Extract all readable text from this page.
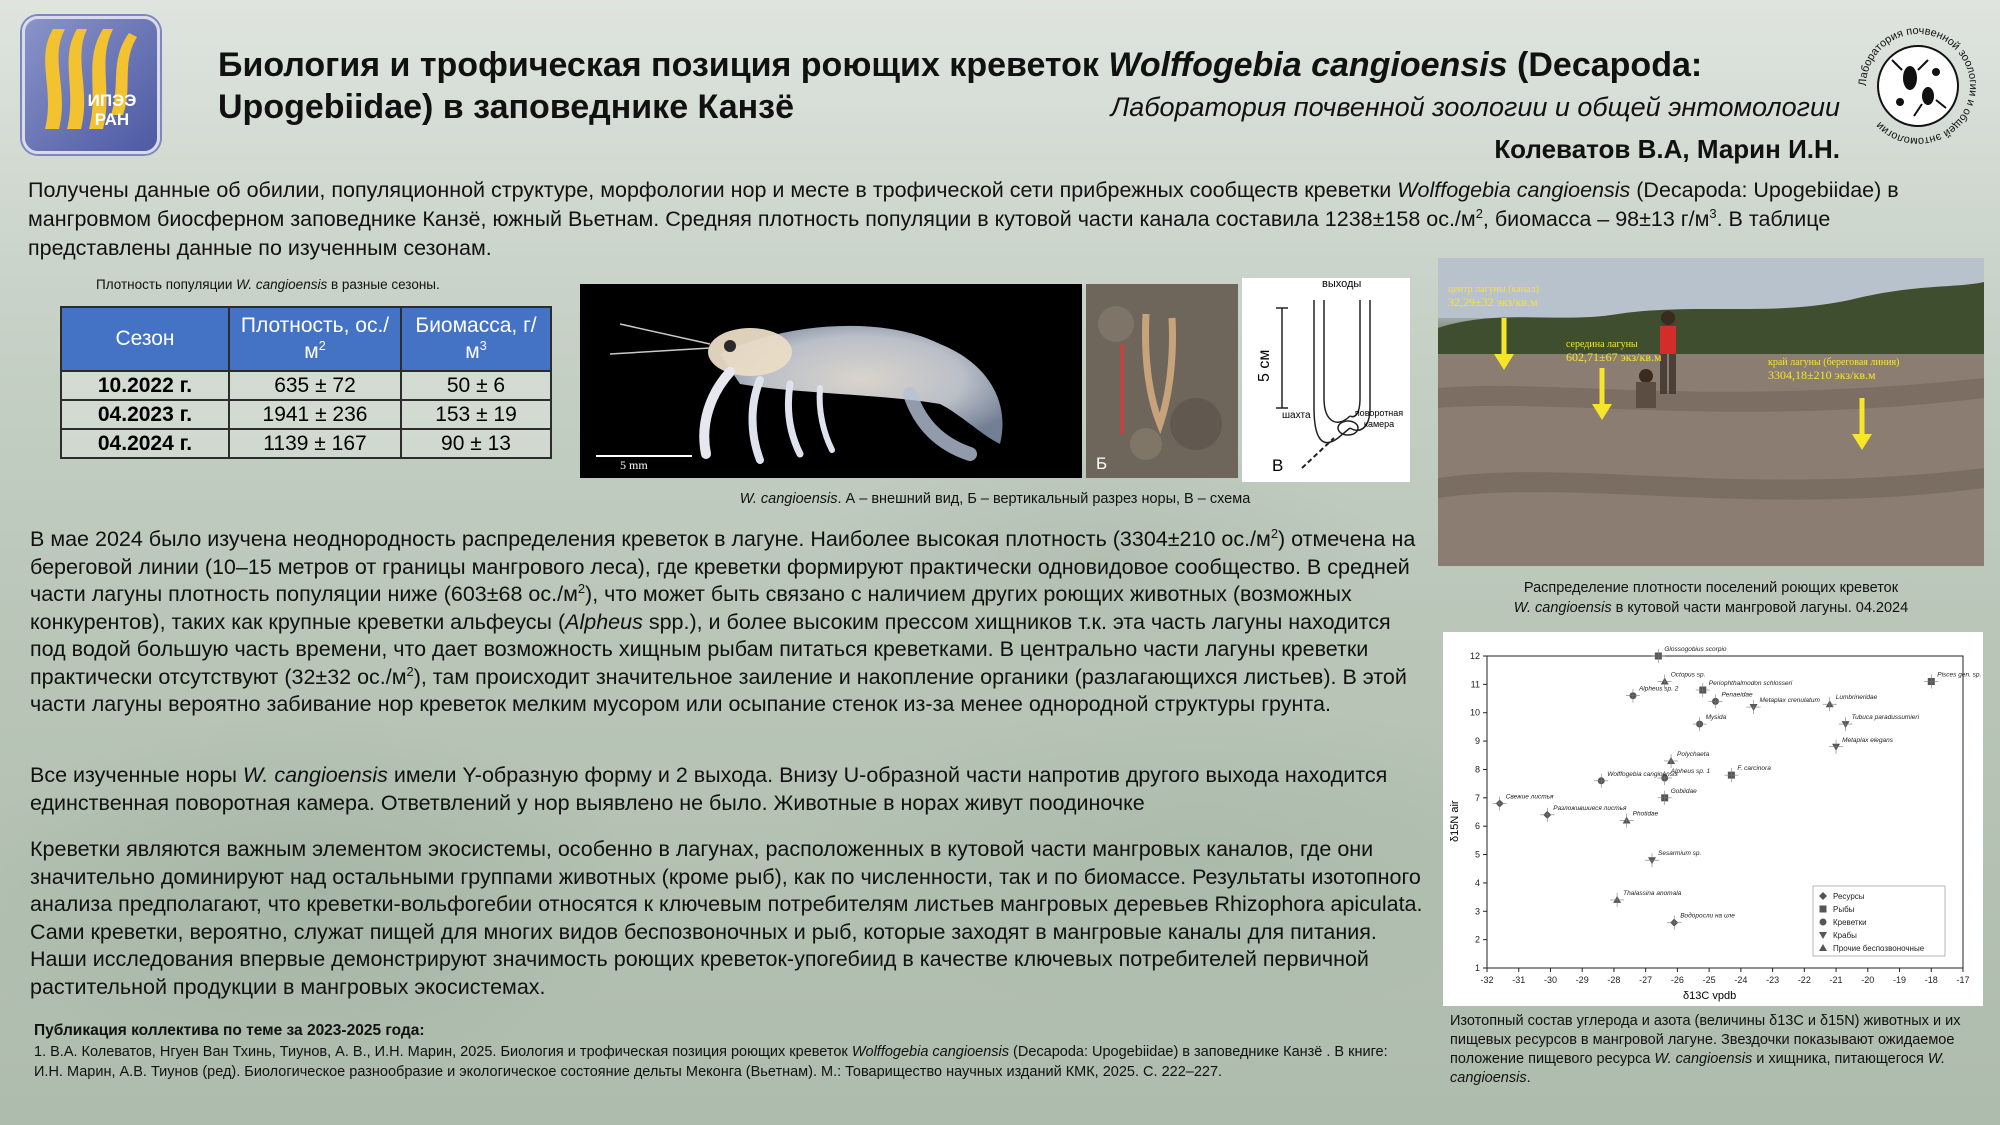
ИПЭЭ
РАН
Биология и трофическая позиция роющих креветок Wolffogebia cangioensis (Decapoda: Upogebiidae) в заповеднике Канзё	Лаборатория почвенной зоологии и общей энтомологии
Колеватов В.А, Марин И.Н.
Лаборатория почвенной зоологии и общей энтомологии
Получены данные об обилии, популяционной структуре, морфологии нор и месте в трофической сети прибрежных сообществ креветки Wolffogebia cangioensis (Decapoda: Upogebiidae) в мангровмом биосферном заповеднике Канзё, южный Вьетнам. Средняя плотность популяции в кутовой части канала составила 1238±158 $ос./м^2$, биомасса – 98±13 $г/м^3$. В таблице представлены данные по изученным сезонам.
Плотность популяции W. cangioensis в разные сезоны.
Сезон	Плотность, $ос./м^2$	Биомасса, $г/м^3$
10.2022 г.	635 ± 72	50 ± 6
04.2023 г.	1941 ± 236	153 ± 19
04.2024 г.	1139 ± 167	90 ± 13
5 mm	Б
выходы
5 см
шахта	поворотная камера
В
W. cangioensis. А – внешний вид, Б – вертикальный разрез норы, В – схема
центр лагуны (канал)
32,29±32 экз/кв.м
середина лагуны
602,71±67 экз/кв.м	край лагуны (береговая линия)
3304,18±210 экз/кв.м
Распределение плотности поселений роющих креветок
W. cangioensis в кутовой части мангровой лагуны. 04.2024
-32 -31 -30 -29 -28 -27 -26 -25 -24 -23 -22 -21 -20 -19 -18 -17
1
2
3
4
5
6
7
8
9
10
11
12
Glossogobius scorpio
Octopus sp.	Pisces gen. sp.
Alpheus sp. 2
Periophthalmodon schlosseri
Penaeidae
Metaplax crenulatum Lumbrineridae
Tubuca paradussumieri
Metaplax elegans
Mysida
Polychaeta
Alpheus sp. 1
Gobiidae
F. carcinora
Wolffogebia cangioensis
Свежие листья
Разложившиеся листья
Photidae
Sesarmium sp.
Thalassina anomala
Водоросли на иле
Ресурсы
Рыбы
Креветки
Крабы
Прочие беспозвоночные
δ15N air
δ13C vpdb
Изотопный состав углерода и азота (величины δ13С и δ15N) животных и их пищевых ресурсов в мангровой лагуне. Звездочки показывают ожидаемое положение пищевого ресурса W. cangioensis и хищника, питающегося W. cangioensis.
В мае 2024 было изучена неоднородность распределения креветок в лагуне. Наиболее высокая плотность (3304±210 $ос./м^2$) отмечена на береговой линии (10–15 метров от границы мангрового леса), где креветки формируют практически одновидовое сообщество. В средней части лагуны плотность популяции ниже (603±68 $ос./м^2$), что может быть связано с наличием других роющих животных (возможных конкурентов), таких как крупные креветки альфеусы (Alpheus spp.), и более высоким прессом хищников т.к. эта часть лагуны находится под водой большую часть времени, что дает возможность хищным рыбам питаться креветками. В центрально части лагуны креветки практически отсутствуют (32±32 $ос./м^2$), там происходит значительное заиление и накопление органики (разлагающихся листьев). В этой части лагуны вероятно забивание нор креветок мелким мусором или осыпание стенок из-за менее однородной структуры грунта.
Все изученные норы W. cangioensis имели Y-образную форму и 2 выхода. Внизу U-образной части напротив другого выхода находится единственная поворотная камера. Ответвлений у нор выявлено не было. Животные в норах живут поодиночке
Креветки являются важным элементом экосистемы, особенно в лагунах, расположенных в кутовой части мангровых каналов, где они значительно доминируют над остальными группами животных (кроме рыб), как по численности, так и по биомассе. Результаты изотопного анализа предполагают, что креветки-вольфогебии относятся к ключевым потребителям листьев мангровых деревьев Rhizophora apiculata. Сами креветки, вероятно, служат пищей для многих видов беспозвоночных и рыб, которые заходят в мангровые каналы для питания. Наши исследования впервые демонстрируют значимость роющих креветок-упогебиид в качестве ключевых потребителей первичной растительной продукции в мангровых экосистемах.
Публикация коллектива по теме за 2023-2025 года:
1. В.А. Колеватов, Нгуен Ван Тхинь, Тиунов, А. В., И.Н. Марин, 2025. Биология и трофическая позиция роющих креветок Wolffogebia cangioensis (Decapoda: Upogebiidae) в заповеднике Канзё . В книге: И.Н. Марин, А.В. Тиунов (ред). Биологическое разнообразие и экологическое состояние дельты Меконга (Вьетнам). М.: Товарищество научных изданий КМК, 2025. С. 222–227.
